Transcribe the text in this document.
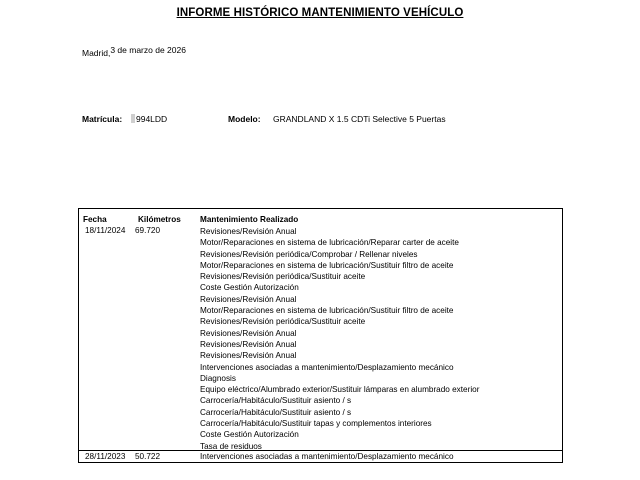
INFORME HISTÓRICO MANTENIMIENTO VEHÍCULO
Madrid,3 de marzo de 2026
Matrícula:	994LDD	Modelo: GRANDLAND X 1.5 CDTi Selective 5 Puertas
Fecha	Kilómetros Mantenimiento Realizado
18/11/2024 69.720	Revisiones/Revisión Anual
Motor/Reparaciones en sistema de lubricación/Reparar carter de aceite
Revisiones/Revisión periódica/Comprobar / Rellenar niveles
Motor/Reparaciones en sistema de lubricación/Sustituir filtro de aceite
Revisiones/Revisión periódica/Sustituir aceite
Coste Gestión Autorización
Revisiones/Revisión Anual
Motor/Reparaciones en sistema de lubricación/Sustituir filtro de aceite
Revisiones/Revisión periódica/Sustituir aceite
Revisiones/Revisión Anual
Revisiones/Revisión Anual
Revisiones/Revisión Anual
Intervenciones asociadas a mantenimiento/Desplazamiento mecánico
Diagnosis
Equipo eléctrico/Alumbrado exterior/Sustituir lámparas en alumbrado exterior
Carrocería/Habitáculo/Sustituir asiento / s
Carrocería/Habitáculo/Sustituir asiento / s
Carrocería/Habitáculo/Sustituir tapas y complementos interiores
Coste Gestión Autorización
Tasa de residuos
28/11/2023 50.722	Intervenciones asociadas a mantenimiento/Desplazamiento mecánico
